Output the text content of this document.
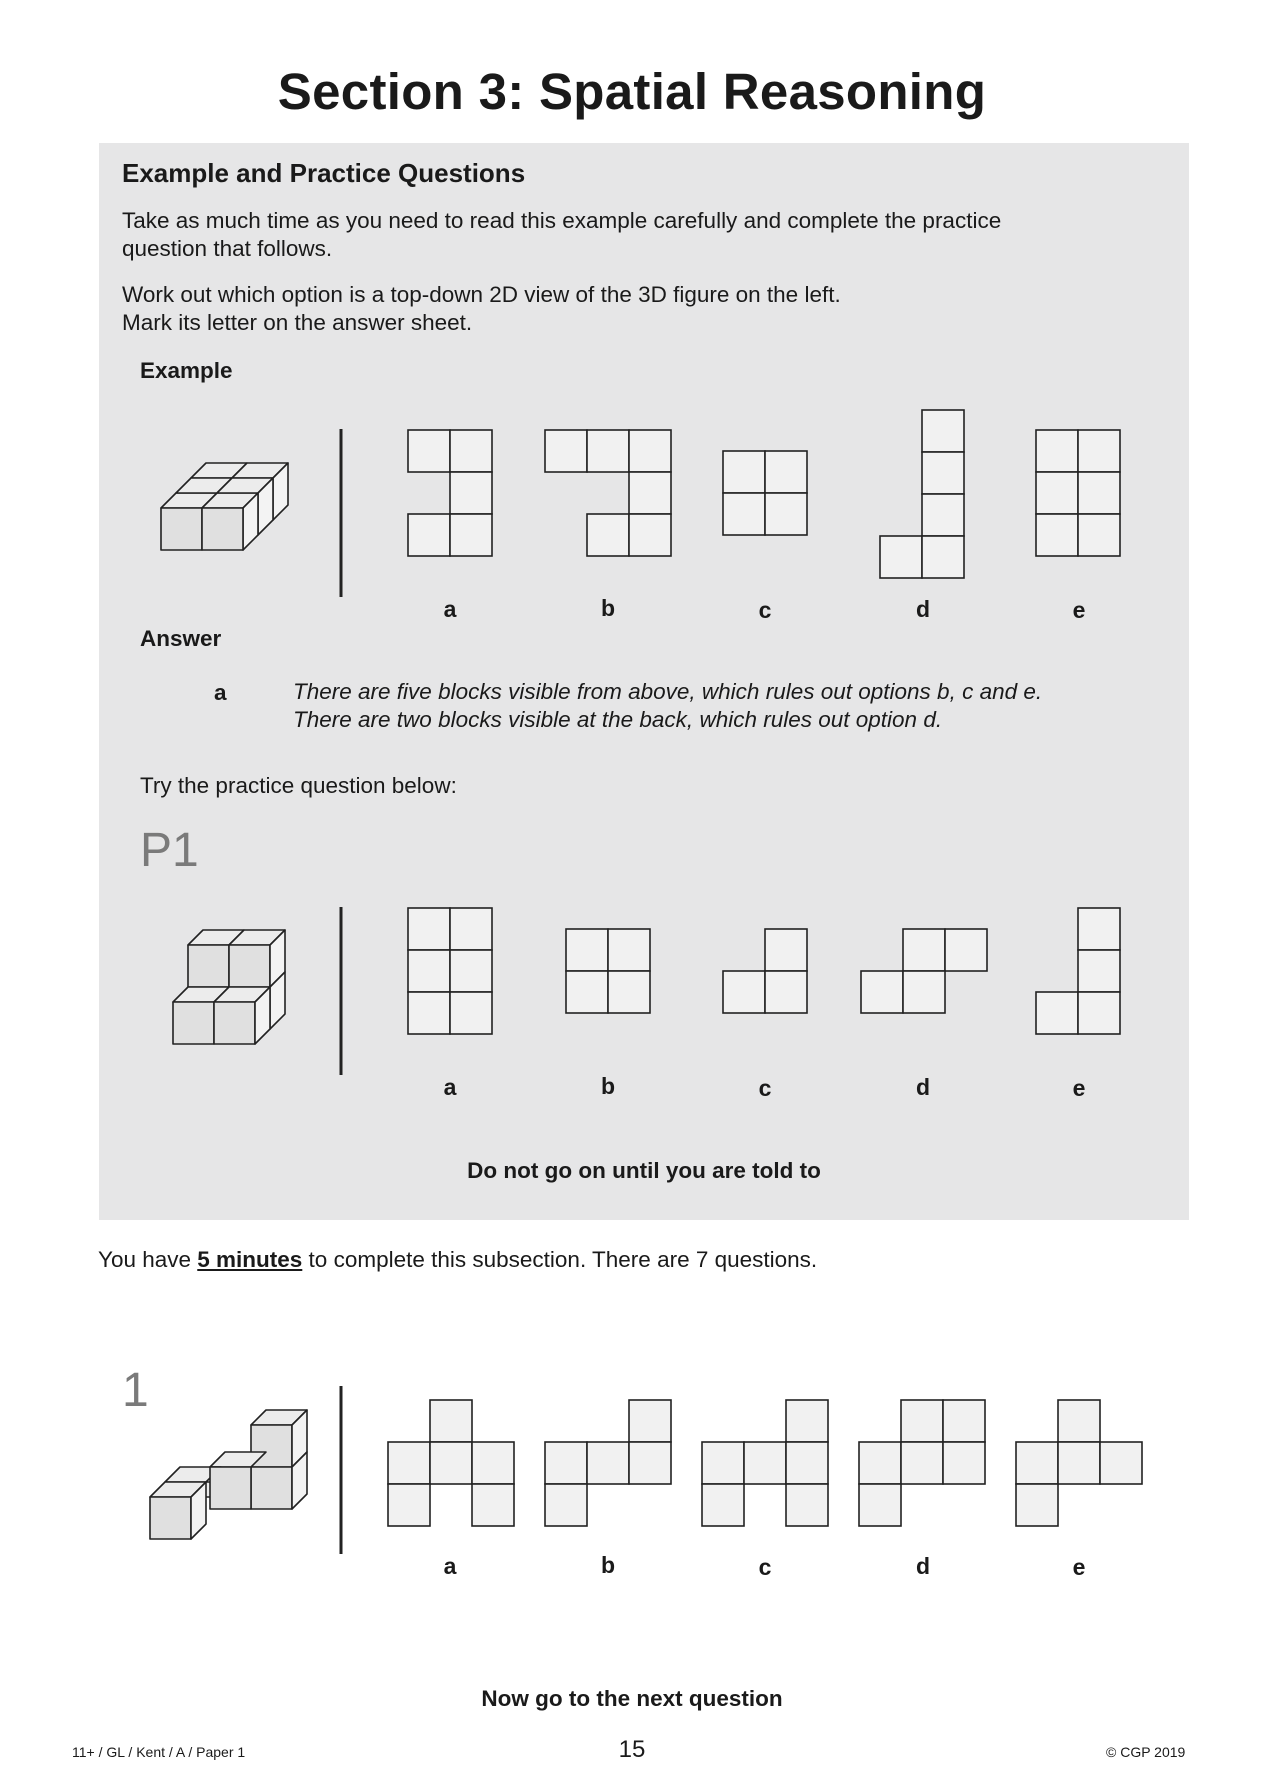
Section 3: Spatial Reasoning
Example and Practice Questions
Take as much time as you need to read this example carefully and complete the practice
question that follows.
Work out which option is a top-down 2D view of the 3D figure on the left.
Mark its letter on the answer sheet.
Example
a	b	c	d	e
Answer
a	There are five blocks visible from above, which rules out options b, c and e.
There are two blocks visible at the back, which rules out option d.
Try the practice question below:
P1
a	b	c	d	e
Do not go on until you are told to
You have 5 minutes to complete this subsection. There are 7 questions.
1
a	b	c	d	e
Now go to the next question
11+ / GL / Kent / A / Paper 1	15	© CGP 2019
